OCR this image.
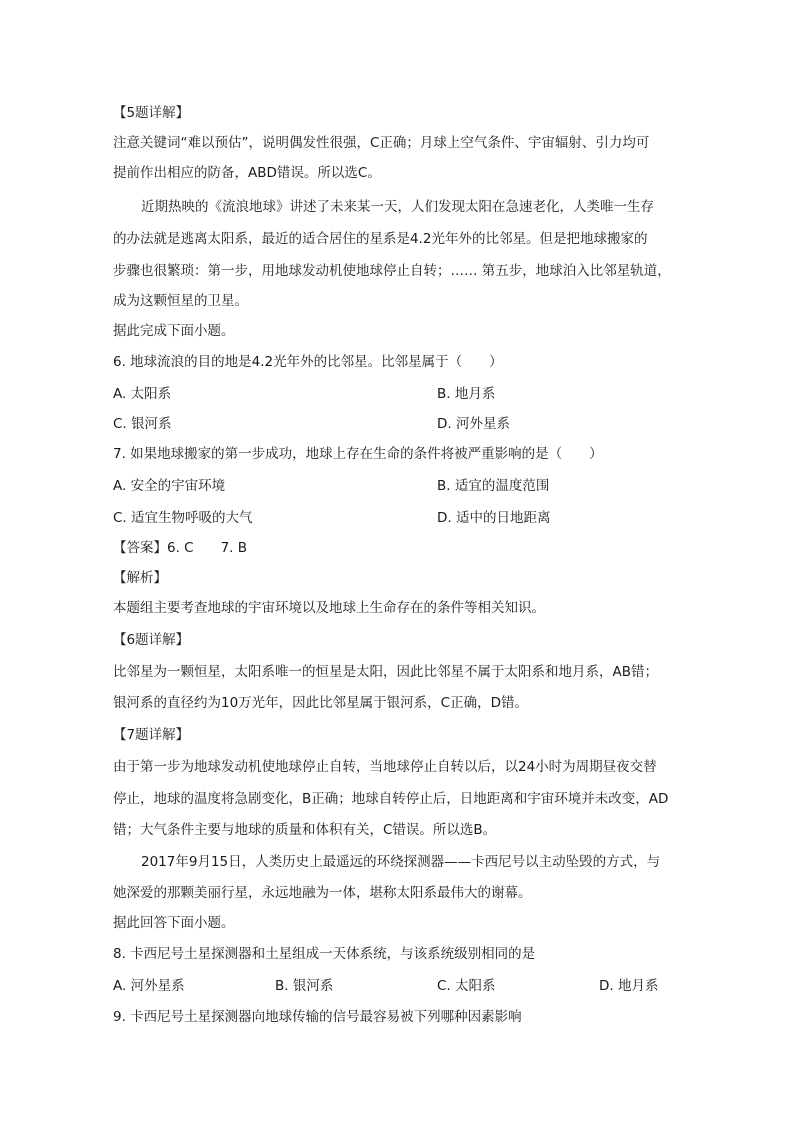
【5题详解】
注意关键词“难以预估”，说明偶发性很强，C正确；月球上空气条件、宇宙辐射、引力均可
提前作出相应的防备，ABD错误。所以选C。
近期热映的《流浪地球》讲述了未来某一天，人们发现太阳在急速老化，人类唯一生存
的办法就是逃离太阳系，最近的适合居住的星系是4.2光年外的比邻星。但是把地球搬家的
步骤也很繁琐：第一步，用地球发动机使地球停止自转；…… 第五步，地球泊入比邻星轨道，
成为这颗恒星的卫星。
据此完成下面小题。
6. 地球流浪的目的地是4.2光年外的比邻星。比邻星属于（　　）
A. 太阳系	B. 地月系
C. 银河系	D. 河外星系
7. 如果地球搬家的第一步成功，地球上存在生命的条件将被严重影响的是（　　）
A. 安全的宇宙环境	B. 适宜的温度范围
C. 适宜生物呼吸的大气	D. 适中的日地距离
【答案】6. C　　7. B
【解析】
本题组主要考查地球的宇宙环境以及地球上生命存在的条件等相关知识。
【6题详解】
比邻星为一颗恒星，太阳系唯一的恒星是太阳，因此比邻星不属于太阳系和地月系，AB错；
银河系的直径约为10万光年，因此比邻星属于银河系，C正确，D错。
【7题详解】
由于第一步为地球发动机使地球停止自转，当地球停止自转以后，以24小时为周期昼夜交替
停止，地球的温度将急剧变化，B正确；地球自转停止后，日地距离和宇宙环境并未改变，AD
错；大气条件主要与地球的质量和体积有关，C错误。所以选B。
2017年9月15日，人类历史上最遥远的环绕探测器——卡西尼号以主动坠毁的方式，与
她深爱的那颗美丽行星，永远地融为一体，堪称太阳系最伟大的谢幕。
据此回答下面小题。
8. 卡西尼号土星探测器和土星组成一天体系统，与该系统级别相同的是
A. 河外星系	B. 银河系	C. 太阳系	D. 地月系
9. 卡西尼号土星探测器向地球传输的信号最容易被下列哪种因素影响
